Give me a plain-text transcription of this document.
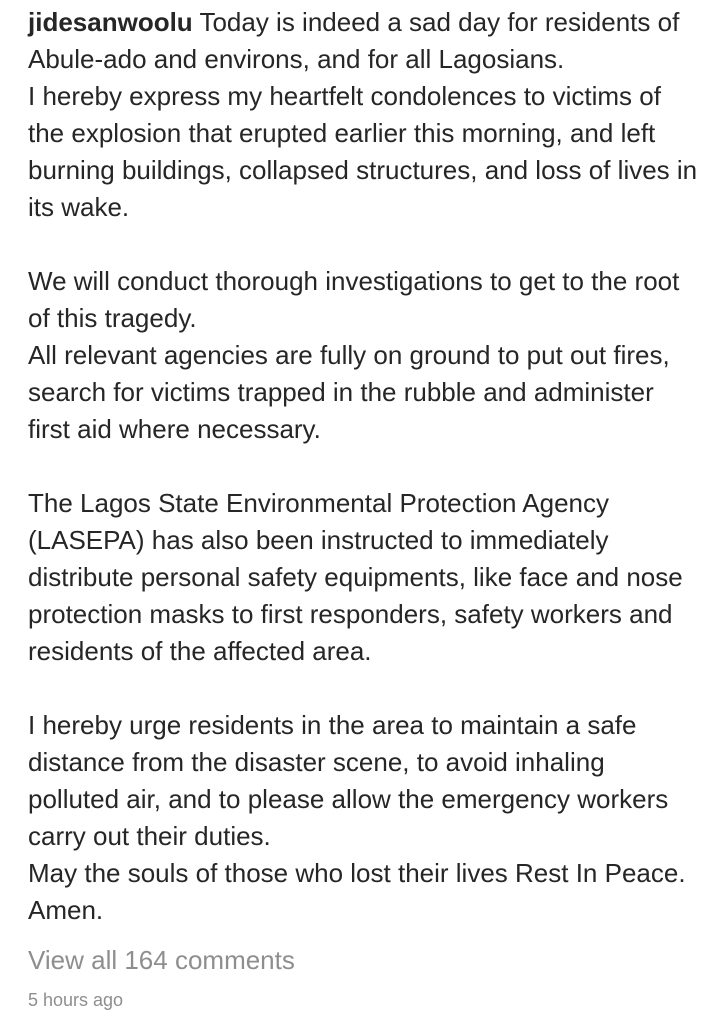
jidesanwoolu Today is indeed a sad day for residents of Abule-ado and environs, and for all Lagosians.

I hereby express my heartfelt condolences to victims of the explosion that erupted earlier this morning, and left burning buildings, collapsed structures, and loss of lives in its wake.

We will conduct thorough investigations to get to the root of this tragedy.

All relevant agencies are fully on ground to put out fires, search for victims trapped in the rubble and administer first aid where necessary.

The Lagos State Environmental Protection Agency (LASEPA) has also been instructed to immediately distribute personal safety equipments, like face and nose protection masks to first responders, safety workers and residents of the affected area.

I hereby urge residents in the area to maintain a safe distance from the disaster scene, to avoid inhaling polluted air, and to please allow the emergency workers carry out their duties.

May the souls of those who lost their lives Rest In Peace. Amen.

View all 164 comments
5 hours ago
